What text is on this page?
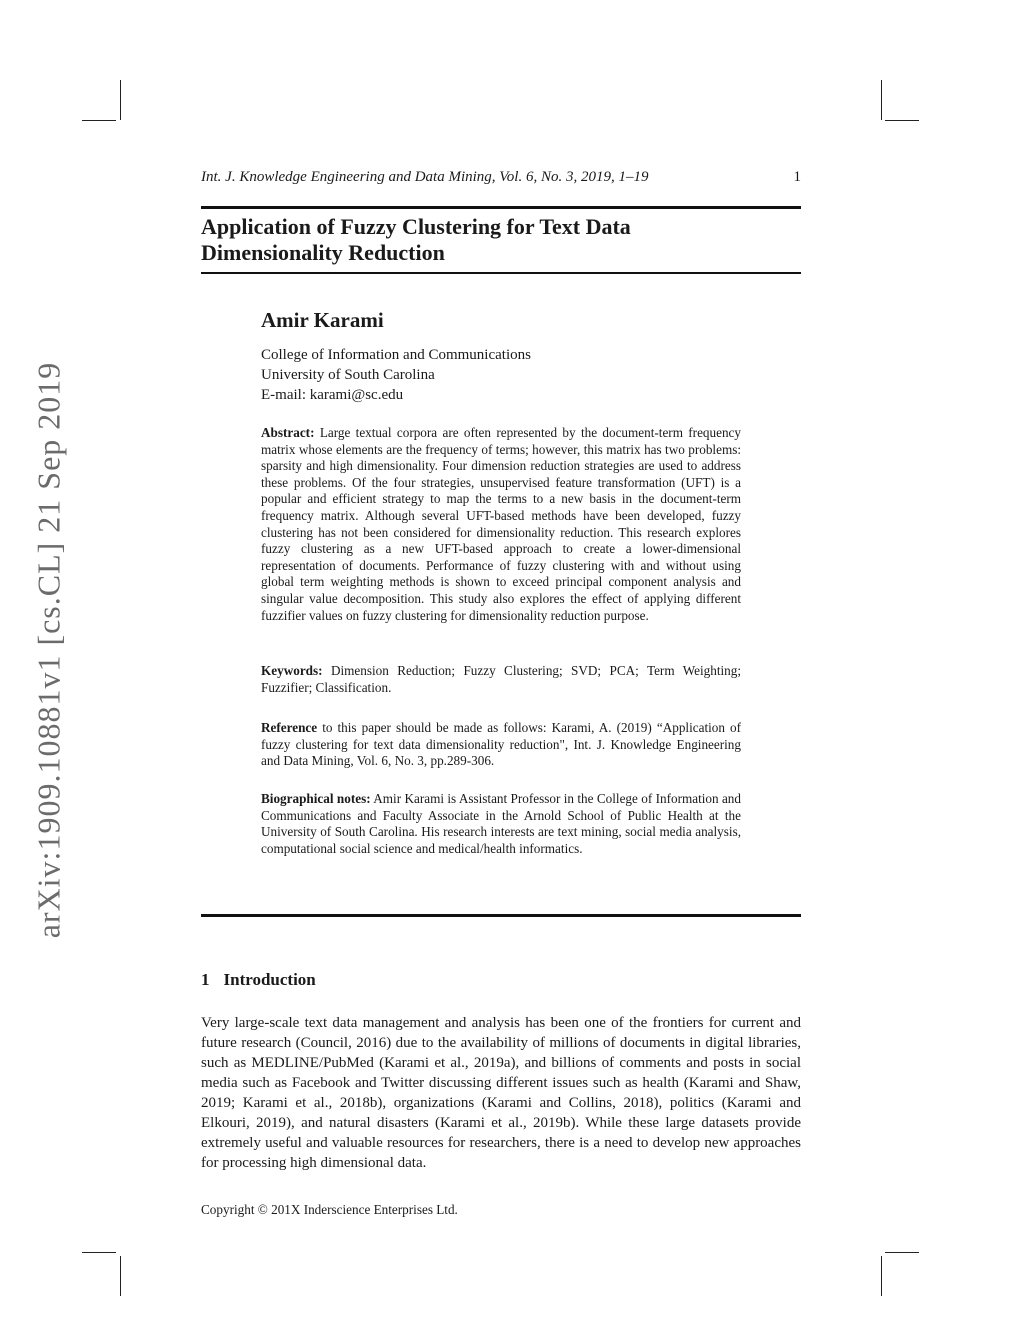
arXiv:1909.10881v1 [cs.CL] 21 Sep 2019
Int. J. Knowledge Engineering and Data Mining, Vol. 6, No. 3, 2019, 1–19	1
Application of Fuzzy Clustering for Text Data
Dimensionality Reduction
Amir Karami
College of Information and Communications
University of South Carolina
E-mail: karami@sc.edu
Abstract: Large textual corpora are often represented by the document-term frequency matrix whose elements are the frequency of terms; however, this matrix has two problems: sparsity and high dimensionality. Four dimension reduction strategies are used to address these problems. Of the four strategies, unsupervised feature transformation (UFT) is a popular and efficient strategy to map the terms to a new basis in the document-term frequency matrix. Although several UFT-based methods have been developed, fuzzy clustering has not been considered for dimensionality reduction. This research explores fuzzy clustering as a new UFT-based approach to create a lower-dimensional representation of documents. Performance of fuzzy clustering with and without using global term weighting methods is shown to exceed principal component analysis and singular value decomposition. This study also explores the effect of applying different fuzzifier values on fuzzy clustering for dimensionality reduction purpose.
Keywords: Dimension Reduction; Fuzzy Clustering; SVD; PCA; Term Weighting; Fuzzifier; Classification.
Reference to this paper should be made as follows: Karami, A. (2019) “Application of fuzzy clustering for text data dimensionality reduction", Int. J. Knowledge Engineering and Data Mining, Vol. 6, No. 3, pp.289-306.
Biographical notes: Amir Karami is Assistant Professor in the College of Information and Communications and Faculty Associate in the Arnold School of Public Health at the University of South Carolina. His research interests are text mining, social media analysis, computational social science and medical/health informatics.
1 Introduction
Very large-scale text data management and analysis has been one of the frontiers for current and future research (Council, 2016) due to the availability of millions of documents in digital libraries, such as MEDLINE/PubMed (Karami et al., 2019a), and billions of comments and posts in social media such as Facebook and Twitter discussing different issues such as health (Karami and Shaw, 2019; Karami et al., 2018b), organizations (Karami and Collins, 2018), politics (Karami and Elkouri, 2019), and natural disasters (Karami et al., 2019b). While these large datasets provide extremely useful and valuable resources for researchers, there is a need to develop new approaches for processing high dimensional data.
Copyright © 201X Inderscience Enterprises Ltd.
